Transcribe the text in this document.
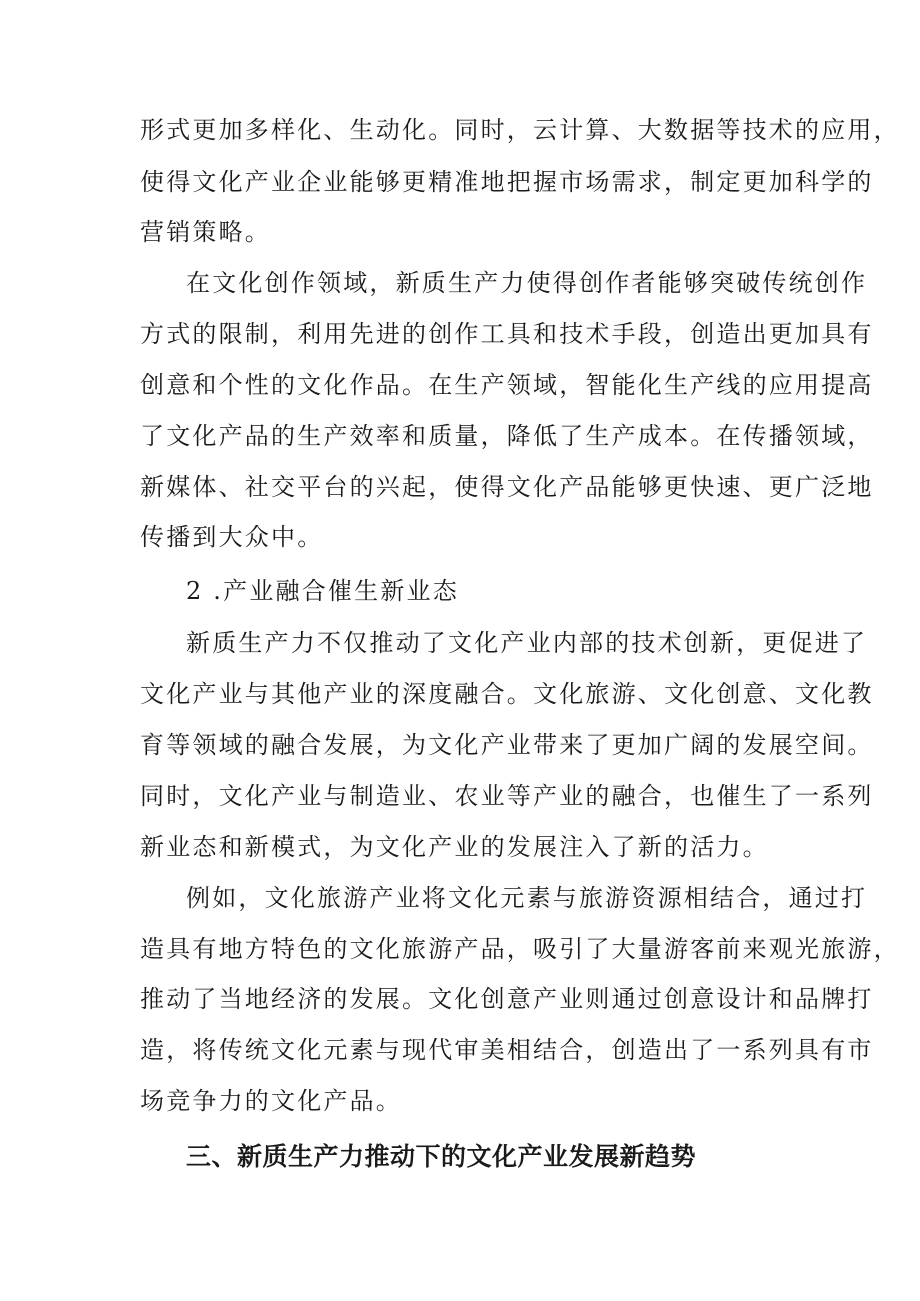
形式更加多样化、生动化。同时，云计算、大数据等技术的应用，
使得文化产业企业能够更精准地把握市场需求，制定更加科学的
营销策略。
在文化创作领域，新质生产力使得创作者能够突破传统创作
方式的限制，利用先进的创作工具和技术手段，创造出更加具有
创意和个性的文化作品。在生产领域，智能化生产线的应用提高
了文化产品的生产效率和质量，降低了生产成本。在传播领域，
新媒体、社交平台的兴起，使得文化产品能够更快速、更广泛地
传播到大众中。
2 .产业融合催生新业态
新质生产力不仅推动了文化产业内部的技术创新，更促进了
文化产业与其他产业的深度融合。文化旅游、文化创意、文化教
育等领域的融合发展，为文化产业带来了更加广阔的发展空间。
同时，文化产业与制造业、农业等产业的融合，也催生了一系列
新业态和新模式，为文化产业的发展注入了新的活力。
例如，文化旅游产业将文化元素与旅游资源相结合，通过打
造具有地方特色的文化旅游产品，吸引了大量游客前来观光旅游，
推动了当地经济的发展。文化创意产业则通过创意设计和品牌打
造，将传统文化元素与现代审美相结合，创造出了一系列具有市
场竞争力的文化产品。
三、新质生产力推动下的文化产业发展新趋势
